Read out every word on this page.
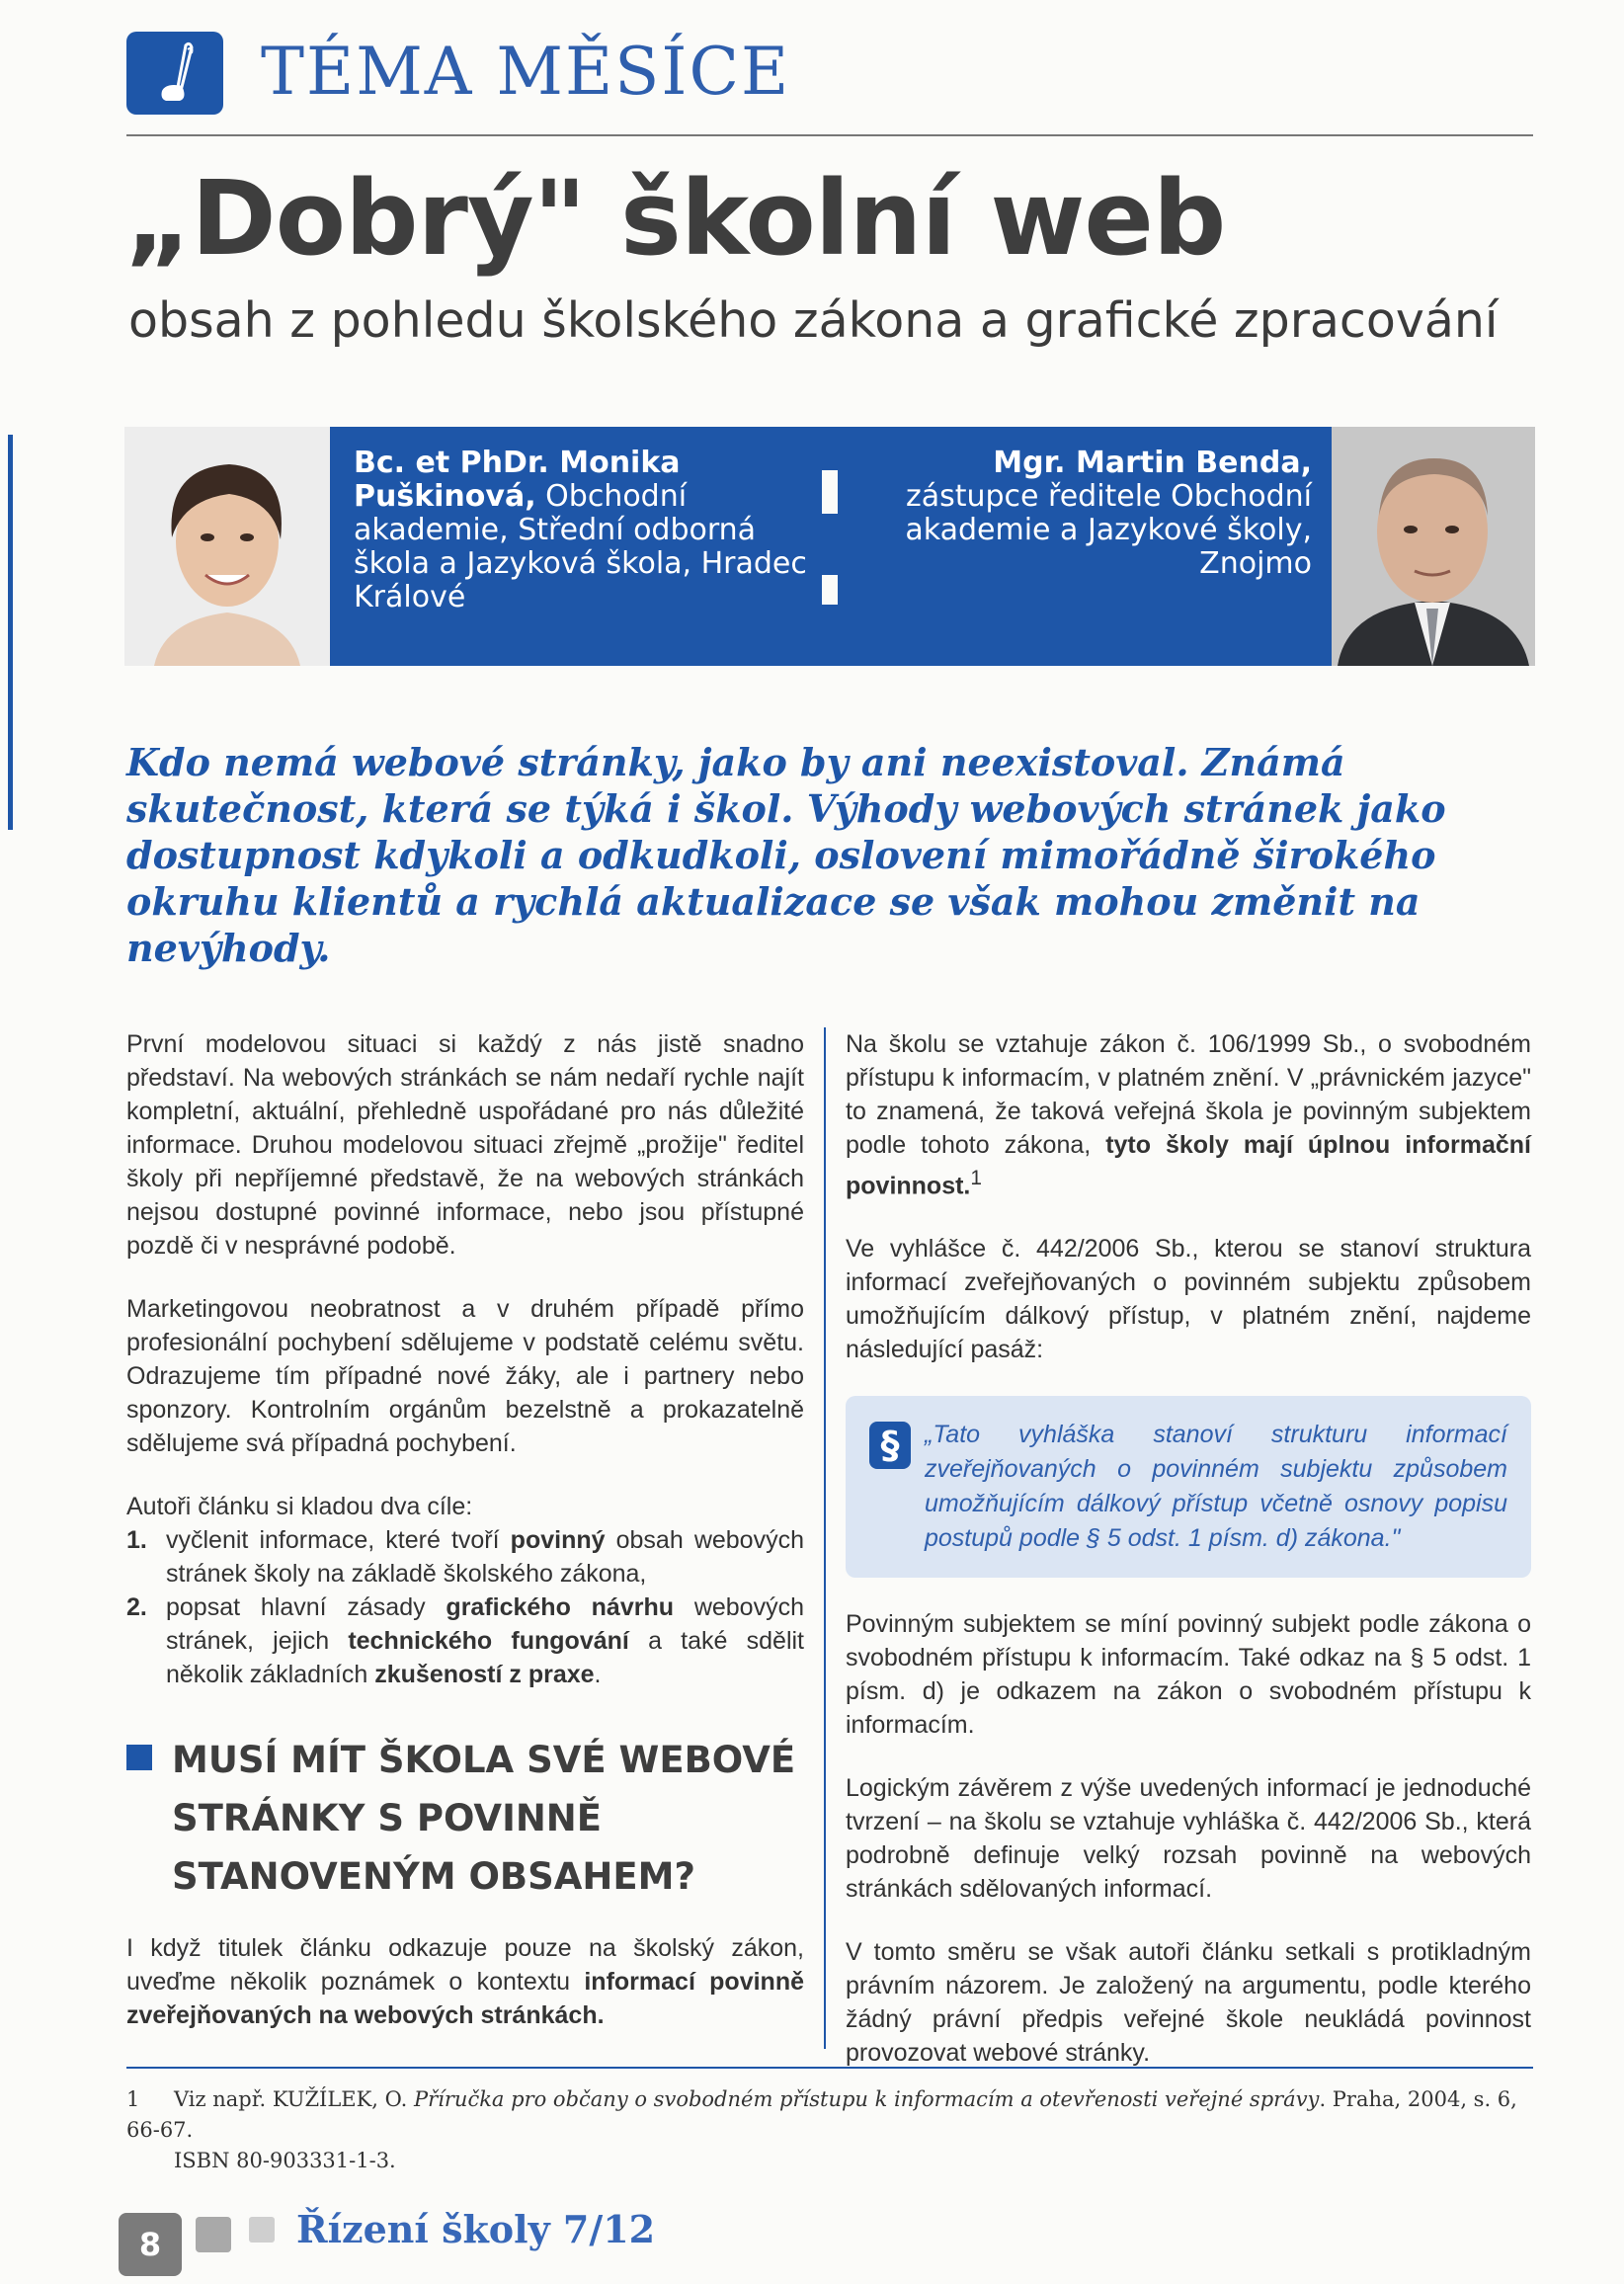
TÉMA MĚSÍCE
„Dobrý" školní web
obsah z pohledu školského zákona a grafické zpracování
Bc. et PhDr. Monika Puškinová, Obchodní akademie, Střední odborná škola a Jazyková škola, Hradec Králové
Mgr. Martin Benda,
zástupce ředitele Obchodní akademie a Jazykové školy, Znojmo
Kdo nemá webové stránky, jako by ani neexistoval. Známá skutečnost, která se týká i škol. Výhody webových stránek jako dostupnost kdykoli a odkudkoli, oslovení mimořádně širokého okruhu klientů a rychlá aktualizace se však mohou změnit na nevýhody.

První modelovou situaci si každý z nás jistě snadno představí. Na webových stránkách se nám nedaří rychle najít kompletní, aktuální, přehledně uspořádané pro nás důležité informace. Druhou modelovou situaci zřejmě „prožije" ředitel školy při nepříjemné představě, že na webových stránkách nejsou dostupné povinné informace, nebo jsou přístupné pozdě či v nesprávné podobě.

Marketingovou neobratnost a v druhém případě přímo profesionální pochybení sdělujeme v podstatě celému světu. Odrazujeme tím případné nové žáky, ale i partnery nebo sponzory. Kontrolním orgánům bezelstně a prokazatelně sdělujeme svá případná pochybení.

Autoři článku si kladou dva cíle:

1. vyčlenit informace, které tvoří povinný obsah webových stránek školy na základě školského zákona,
2. popsat hlavní zásady grafického návrhu webových stránek, jejich technického fungování a také sdělit několik základních zkušeností z praxe.
MUSÍ MÍT ŠKOLA SVÉ WEBOVÉ STRÁNKY S POVINNĚ STANOVENÝM OBSAHEM?

I když titulek článku odkazuje pouze na školský zákon, uveďme několik poznámek o kontextu informací povinně zveřejňovaných na webových stránkách.

Na školu se vztahuje zákon č. 106/1999 Sb., o svobodném přístupu k informacím, v platném znění. V „právnickém jazyce" to znamená, že taková veřejná škola je povinným subjektem podle tohoto zákona, tyto školy mají úplnou informační povinnost.$^1$

Ve vyhlášce č. 442/2006 Sb., kterou se stanoví struktura informací zveřejňovaných o povinném subjektu způsobem umožňujícím dálkový přístup, v platném znění, najdeme následující pasáž:

§	„Tato vyhláška stanoví strukturu informací zveřejňovaných o povinném subjektu způsobem umožňujícím dálkový přístup včetně osnovy popisu postupů podle § 5 odst. 1 písm. d) zákona."

Povinným subjektem se míní povinný subjekt podle zákona o svobodném přístupu k informacím. Také odkaz na § 5 odst. 1 písm. d) je odkazem na zákon o svobodném přístupu k informacím.

Logickým závěrem z výše uvedených informací je jednoduché tvrzení – na školu se vztahuje vyhláška č. 442/2006 Sb., která podrobně definuje velký rozsah povinně na webových stránkách sdělovaných informací.

V tomto směru se však autoři článku setkali s protikladným právním názorem. Je založený na argumentu, podle kterého žádný právní předpis veřejné škole neukládá povinnost provozovat webové stránky.

1 Viz např. KUŽÍLEK, O. Příručka pro občany o svobodném přístupu k informacím a otevřenosti veřejné správy. Praha, 2004, s. 6, 66-67.
ISBN 80-903331-1-3.
8	Řízení školy 7/12
